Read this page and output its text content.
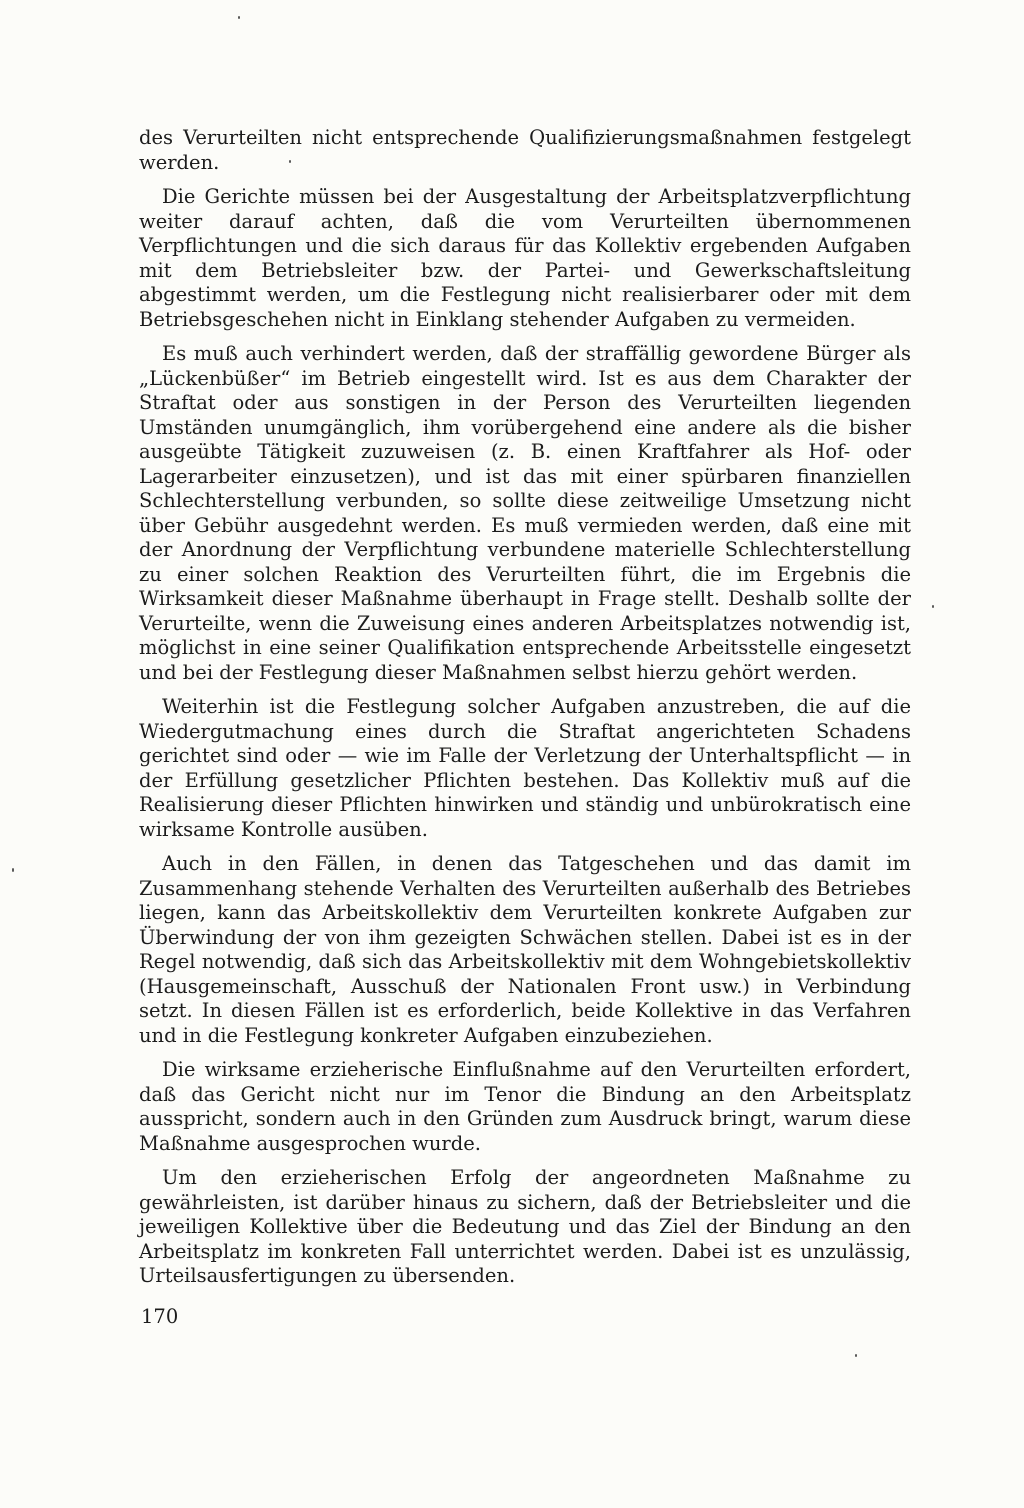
des Verurteilten nicht entsprechende Qualifizierungsmaßnahmen festgelegt werden.

Die Gerichte müssen bei der Ausgestaltung der Arbeitsplatzverpflichtung weiter darauf achten, daß die vom Verurteilten übernommenen Verpflichtungen und die sich daraus für das Kollektiv ergebenden Aufgaben mit dem Betriebsleiter bzw. der Partei- und Gewerkschaftsleitung abgestimmt werden, um die Festlegung nicht realisierbarer oder mit dem Betriebsgeschehen nicht in Einklang stehender Aufgaben zu vermeiden.

Es muß auch verhindert werden, daß der straffällig gewordene Bürger als „Lückenbüßer“ im Betrieb eingestellt wird. Ist es aus dem Charakter der Straftat oder aus sonstigen in der Person des Verurteilten liegenden Umständen unumgänglich, ihm vorübergehend eine andere als die bisher ausgeübte Tätigkeit zuzuweisen (z. B. einen Kraftfahrer als Hof- oder Lagerarbeiter einzusetzen), und ist das mit einer spürbaren finanziellen Schlechterstellung verbunden, so sollte diese zeitweilige Umsetzung nicht über Gebühr ausgedehnt werden. Es muß vermieden werden, daß eine mit der Anordnung der Verpflichtung verbundene materielle Schlechterstellung zu einer solchen Reaktion des Verurteilten führt, die im Ergebnis die Wirksamkeit dieser Maßnahme überhaupt in Frage stellt. Deshalb sollte der Verurteilte, wenn die Zuweisung eines anderen Arbeitsplatzes notwendig ist, möglichst in eine seiner Qualifikation entsprechende Arbeitsstelle eingesetzt und bei der Festlegung dieser Maßnahmen selbst hierzu gehört werden.

Weiterhin ist die Festlegung solcher Aufgaben anzustreben, die auf die Wiedergutmachung eines durch die Straftat angerichteten Schadens gerichtet sind oder — wie im Falle der Verletzung der Unterhaltspflicht — in der Erfüllung gesetzlicher Pflichten bestehen. Das Kollektiv muß auf die Realisierung dieser Pflichten hinwirken und ständig und unbürokratisch eine wirksame Kontrolle ausüben.

Auch in den Fällen, in denen das Tatgeschehen und das damit im Zusammenhang stehende Verhalten des Verurteilten außerhalb des Betriebes liegen, kann das Arbeitskollektiv dem Verurteilten konkrete Aufgaben zur Überwindung der von ihm gezeigten Schwächen stellen. Dabei ist es in der Regel notwendig, daß sich das Arbeitskollektiv mit dem Wohngebietskollektiv (Hausgemeinschaft, Ausschuß der Nationalen Front usw.) in Verbindung setzt. In diesen Fällen ist es erforderlich, beide Kollektive in das Verfahren und in die Festlegung konkreter Aufgaben einzubeziehen.

Die wirksame erzieherische Einflußnahme auf den Verurteilten erfordert, daß das Gericht nicht nur im Tenor die Bindung an den Arbeitsplatz ausspricht, sondern auch in den Gründen zum Ausdruck bringt, warum diese Maßnahme ausgesprochen wurde.

Um den erzieherischen Erfolg der angeordneten Maßnahme zu gewährleisten, ist darüber hinaus zu sichern, daß der Betriebsleiter und die jeweiligen Kollektive über die Bedeutung und das Ziel der Bindung an den Arbeitsplatz im konkreten Fall unterrichtet werden. Dabei ist es unzulässig, Urteilsausfertigungen zu übersenden.

170
